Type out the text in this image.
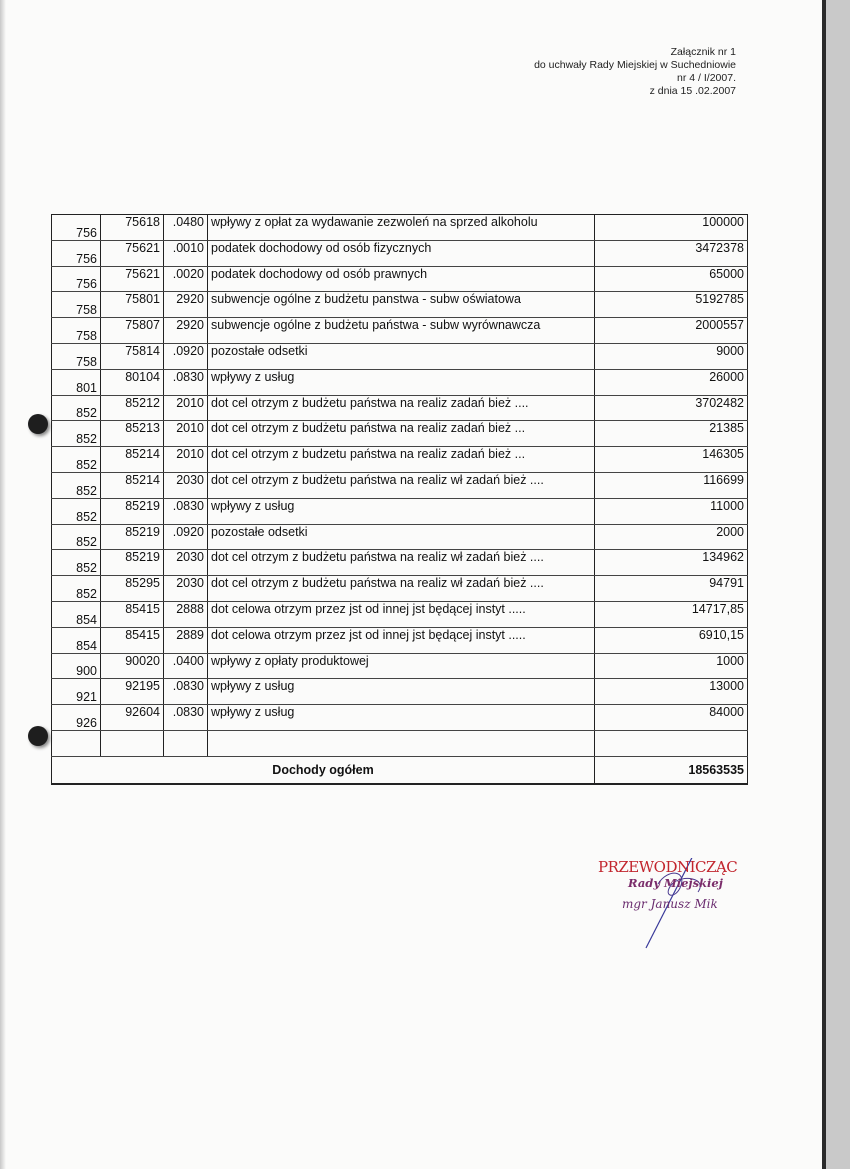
Załącznik nr 1
do uchwały Rady Miejskiej w Suchedniowie
nr 4 / I/2007.
z dnia 15 .02.2007
756	75618	.0480	wpływy z opłat za wydawanie zezwoleń na sprzed alkoholu	100000
756	75621	.0010	podatek dochodowy od osób fizycznych	3472378
756	75621	.0020	podatek dochodowy od osób prawnych	65000
758	75801	2920	subwencje ogólne z budżetu panstwa - subw oświatowa	5192785
758	75807	2920	subwencje ogólne z budżetu państwa - subw wyrównawcza	2000557
758	75814	.0920	pozostałe odsetki	9000
801	80104	.0830	wpływy z usług	26000
852	85212	2010	dot cel otrzym z budżetu państwa na realiz zadań bież ....	3702482
852	85213	2010	dot cel otrzym z budżetu państwa na realiz zadań bież ...	21385
852	85214	2010	dot cel otrzym z budzetu państwa na realiz zadań bież ...	146305
852	85214	2030	dot cel otrzym z budżetu państwa na realiz wł zadań bież ....	116699
852	85219	.0830	wpływy z usług	11000
852	85219	.0920	pozostałe odsetki	2000
852	85219	2030	dot cel otrzym z budżetu państwa na realiz wł zadań bież ....	134962
852	85295	2030	dot cel otrzym z budżetu państwa na realiz wł zadań bież ....	94791
854	85415	2888	dot celowa otrzym przez jst od innej jst będącej instyt .....	14717,85
854	85415	2889	dot celowa otrzym przez jst od innej jst będącej instyt .....	6910,15
900	90020	.0400	wpływy z opłaty produktowej	1000
921	92195	.0830	wpływy z usług	13000
926	92604	.0830	wpływy z usług	84000

Dochody ogółem				18563535
PRZEWODNICZĄC
Rady Miejskiej
mgr Janusz Mik
